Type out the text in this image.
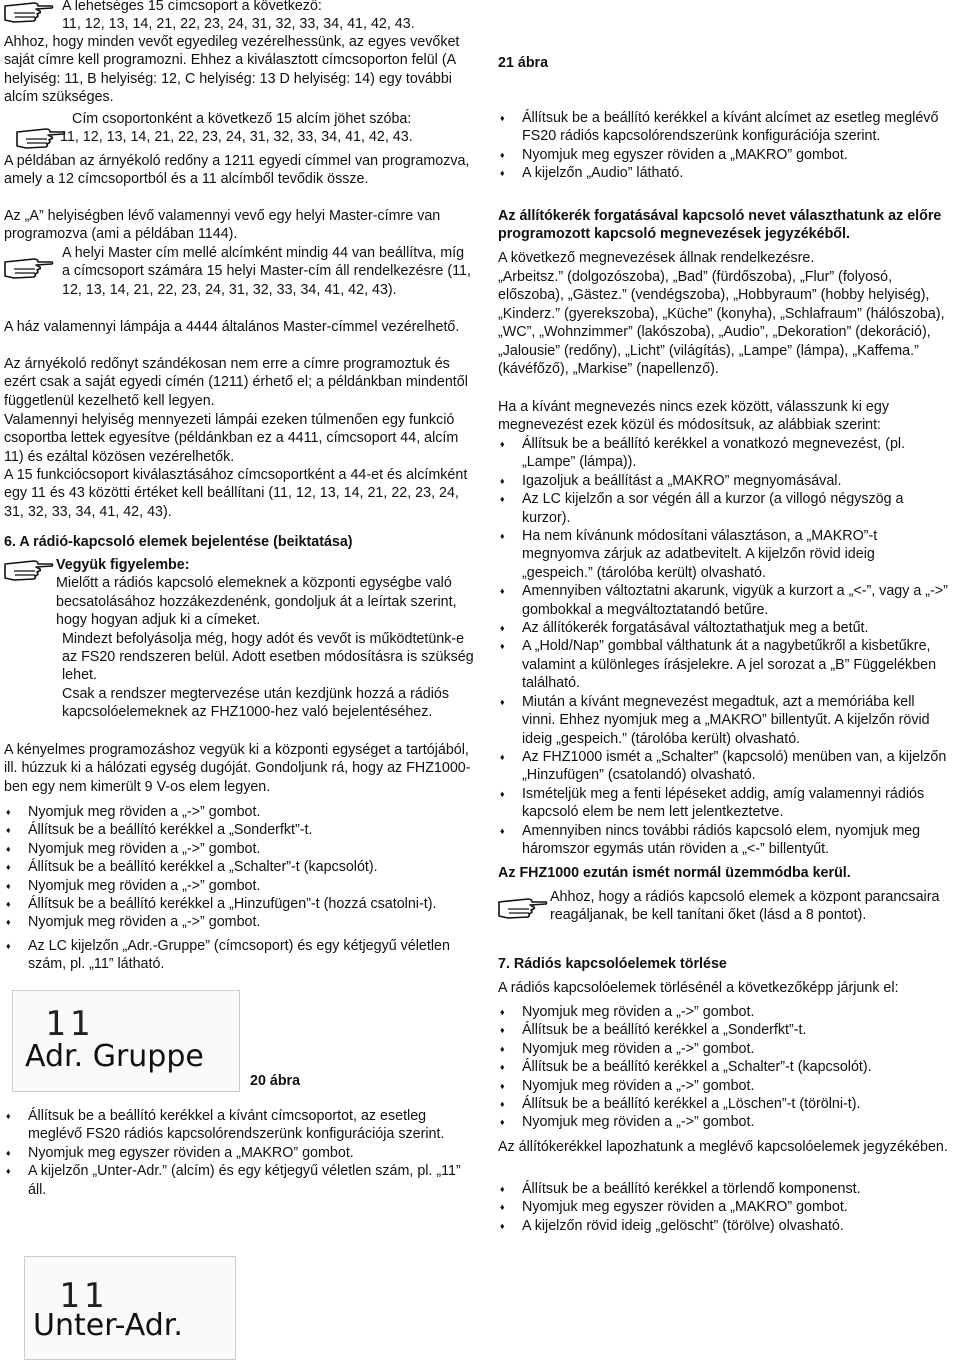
A lehetséges 15 címcsoport a következő:

11, 12, 13, 14, 21, 22, 23, 24, 31, 32, 33, 34, 41, 42, 43.

Ahhoz, hogy minden vevőt egyedileg vezérelhessünk, az egyes vevőket saját címre kell programozni. Ehhez a kiválasztott címcsoporton felül (A helyiség: 11, B helyiség: 12, C helyiség: 13 D helyiség: 14) egy további alcím szükséges.

Cím csoportonként a következő 15 alcím jöhet szóba:

11, 12, 13, 14, 21, 22, 23, 24, 31, 32, 33, 34, 41, 42, 43.

A példában az árnyékoló redőny a 1211 egyedi címmel van programozva, amely a 12 címcsoportból és a 11 alcímből tevődik össze.

Az „A” helyiségben lévő valamennyi vevő egy helyi Master-címre van programozva (ami a példában 1144).

A helyi Master cím mellé alcímként mindig 44 van beállítva, míg a címcsoport számára 15 helyi Master-cím áll rendelkezésre (11, 12, 13, 14, 21, 22, 23, 24, 31, 32, 33, 34, 41, 42, 43).

A ház valamennyi lámpája a 4444 általános Master-címmel vezérelhető.

Az árnyékoló redőnyt szándékosan nem erre a címre programoztuk és ezért csak a saját egyedi címén (1211) érhető el; a példánkban mindentől függetlenül kezelhető kell legyen.

Valamennyi helyiség mennyezeti lámpái ezeken túlmenően egy funkció csoportba lettek egyesítve (példánkban ez a 4411, címcsoport 44, alcím 11) és ezáltal közösen vezérelhetők.

A 15 funkciócsoport kiválasztásához címcsoportként a 44-et és alcímként egy 11 és 43 közötti értéket kell beállítani (11, 12, 13, 14, 21, 22, 23, 24, 31, 32, 33, 34, 41, 42, 43).

6. A rádió-kapcsoló elemek bejelentése (beiktatása)

Vegyük figyelembe:

Mielőtt a rádiós kapcsoló elemeknek a központi egységbe való becsatolásához hozzákezdenénk, gondoljuk át a leírtak szerint, hogy hogyan adjuk ki a címeket.

Mindezt befolyásolja még, hogy adót és vevőt is működtetünk-e az FS20 rendszeren belül. Adott esetben módosításra is szükség lehet.

Csak a rendszer megtervezése után kezdjünk hozzá a rádiós kapcsolóelemeknek az FHZ1000-hez való bejelentéséhez.

A kényelmes programozáshoz vegyük ki a központi egységet a tartójából, ill. húzzuk ki a hálózati egység dugóját. Gondoljunk rá, hogy az FHZ1000-ben egy nem kimerült 9 V-os elem legyen.

♦ Nyomjuk meg röviden a „->” gombot.
♦ Állítsuk be a beállító kerékkel a „Sonderfkt”-t.
♦ Nyomjuk meg röviden a „->” gombot.
♦ Állítsuk be a beállító kerékkel a „Schalter”-t (kapcsolót).
♦ Nyomjuk meg röviden a „->” gombot.
♦ Állítsuk be a beállító kerékkel a „Hinzufügen”-t (hozzá csatolni-t).
♦ Nyomjuk meg röviden a „->” gombot.
♦ Az LC kijelzőn „Adr.-Gruppe” (címcsoport) és egy kétjegyű véletlen szám, pl. „11” látható.
11
Adr. Gruppe

20 ábra

♦ Állítsuk be a beállító kerékkel a kívánt címcsoportot, az esetleg meglévő FS20 rádiós kapcsolórendszerünk konfigurációja szerint.
♦ Nyomjuk meg egyszer röviden a „MAKRO” gombot.
♦ A kijelzőn „Unter-Adr.” (alcím) és egy kétjegyű véletlen szám, pl. „11” áll.
11
Unter-Adr.

21 ábra

♦ Állítsuk be a beállító kerékkel a kívánt alcímet az esetleg meglévő FS20 rádiós kapcsolórendszerünk konfigurációja szerint.
♦ Nyomjuk meg egyszer röviden a „MAKRO” gombot.
♦ A kijelzőn „Audio” látható.

Az állítókerék forgatásával kapcsoló nevet választhatunk az előre programozott kapcsoló megnevezések jegyzékéből.

A következő megnevezések állnak rendelkezésre.

„Arbeitsz.” (dolgozószoba), „Bad” (fürdőszoba), „Flur” (folyosó, előszoba), „Gästez.” (vendégszoba), „Hobbyraum” (hobby helyiség), „Kinderz.” (gyerekszoba), „Küche” (konyha), „Schlafraum” (hálószoba), „WC”, „Wohnzimmer” (lakószoba), „Audio”, „Dekoration” (dekoráció), „Jalousie” (redőny), „Licht” (világítás), „Lampe” (lámpa), „Kaffema.” (kávéfőző), „Markise” (napellenző).

Ha a kívánt megnevezés nincs ezek között, válasszunk ki egy megnevezést ezek közül és módosítsuk, az alábbiak szerint:

♦ Állítsuk be a beállító kerékkel a vonatkozó megnevezést, (pl. „Lampe” (lámpa)).
♦ Igazoljuk a beállítást a „MAKRO” megnyomásával.
♦ Az LC kijelzőn a sor végén áll a kurzor (a villogó négyszög a kurzor).
♦ Ha nem kívánunk módosítani választáson, a „MAKRO”-t megnyomva zárjuk az adatbevitelt. A kijelzőn rövid ideig „gespeich.” (tárolóba került) olvasható.
♦ Amennyiben változtatni akarunk, vigyük a kurzort a „<-”, vagy a „->” gombokkal a megváltoztatandó betűre.
♦ Az állítókerék forgatásával változtathatjuk meg a betűt.
♦ A „Hold/Nap” gombbal válthatunk át a nagybetűkről a kisbetűkre, valamint a különleges írásjelekre. A jel sorozat a „B” Függelékben található.
♦ Miután a kívánt megnevezést megadtuk, azt a memóriába kell vinni. Ehhez nyomjuk meg a „MAKRO” billentyűt. A kijelzőn rövid ideig „gespeich.” (tárolóba került) olvasható.
♦ Az FHZ1000 ismét a „Schalter” (kapcsoló) menüben van, a kijelzőn „Hinzufügen” (csatolandó) olvasható.
♦ Ismételjük meg a fenti lépéseket addig, amíg valamennyi rádiós kapcsoló elem be nem lett jelentkeztetve.
♦ Amennyiben nincs további rádiós kapcsoló elem, nyomjuk meg háromszor egymás után röviden a „<-” billentyűt.

Az FHZ1000 ezután ismét normál üzemmódba kerül.

Ahhoz, hogy a rádiós kapcsoló elemek a központ parancsaira reagáljanak, be kell tanítani őket (lásd a 8 pontot).

7. Rádiós kapcsolóelemek törlése

A rádiós kapcsolóelemek törlésénél a következőképp járjunk el:

♦ Nyomjuk meg röviden a „->” gombot.
♦ Állítsuk be a beállító kerékkel a „Sonderfkt”-t.
♦ Nyomjuk meg röviden a „->” gombot.
♦ Állítsuk be a beállító kerékkel a „Schalter”-t (kapcsolót).
♦ Nyomjuk meg röviden a „->” gombot.
♦ Állítsuk be a beállító kerékkel a „Löschen”-t (törölni-t).
♦ Nyomjuk meg röviden a „->” gombot.

Az állítókerékkel lapozhatunk a meglévő kapcsolóelemek jegyzékében.

♦ Állítsuk be a beállító kerékkel a törlendő komponenst.
♦ Nyomjuk meg egyszer röviden a „MAKRO” gombot.
♦ A kijelzőn rövid ideig „gelöscht” (törölve) olvasható.
